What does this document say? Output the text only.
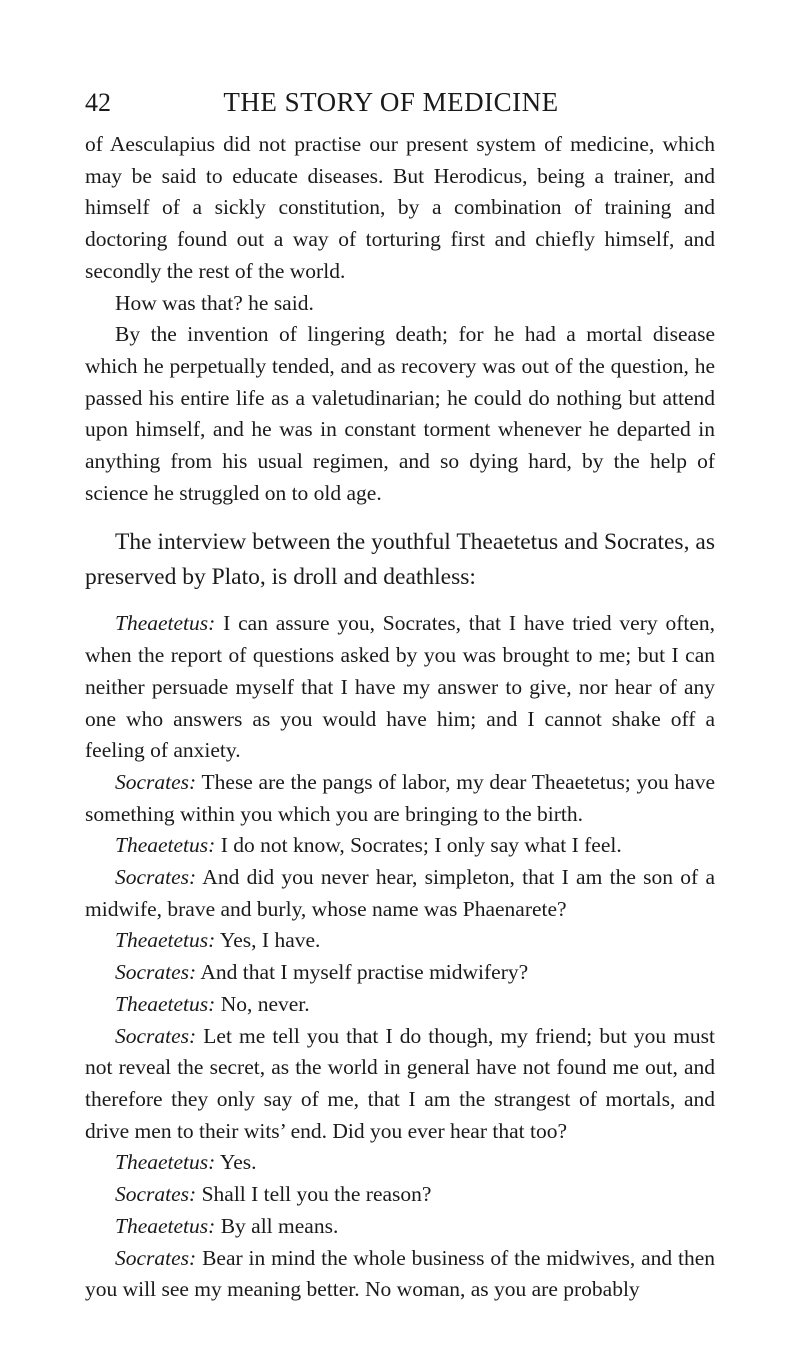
42	THE STORY OF MEDICINE

of Aesculapius did not practise our present system of medicine, which may be said to educate diseases. But Herodicus, being a trainer, and himself of a sickly constitution, by a combination of training and doctoring found out a way of torturing first and chiefly himself, and secondly the rest of the world.

How was that? he said.

By the invention of lingering death; for he had a mortal disease which he perpetually tended, and as recovery was out of the question, he passed his entire life as a valetudinarian; he could do nothing but attend upon himself, and he was in constant torment whenever he departed in anything from his usual regimen, and so dying hard, by the help of science he struggled on to old age.

The interview between the youthful Theaetetus and Socrates, as preserved by Plato, is droll and deathless:

Theaetetus: I can assure you, Socrates, that I have tried very often, when the report of questions asked by you was brought to me; but I can neither persuade myself that I have my answer to give, nor hear of any one who answers as you would have him; and I cannot shake off a feeling of anxiety.

Socrates: These are the pangs of labor, my dear Theaetetus; you have something within you which you are bringing to the birth.

Theaetetus: I do not know, Socrates; I only say what I feel.

Socrates: And did you never hear, simpleton, that I am the son of a midwife, brave and burly, whose name was Phaenarete?

Theaetetus: Yes, I have.

Socrates: And that I myself practise midwifery?

Theaetetus: No, never.

Socrates: Let me tell you that I do though, my friend; but you must not reveal the secret, as the world in general have not found me out, and therefore they only say of me, that I am the strangest of mortals, and drive men to their wits’ end. Did you ever hear that too?

Theaetetus: Yes.

Socrates: Shall I tell you the reason?

Theaetetus: By all means.

Socrates: Bear in mind the whole business of the midwives, and then you will see my meaning better. No woman, as you are probably
